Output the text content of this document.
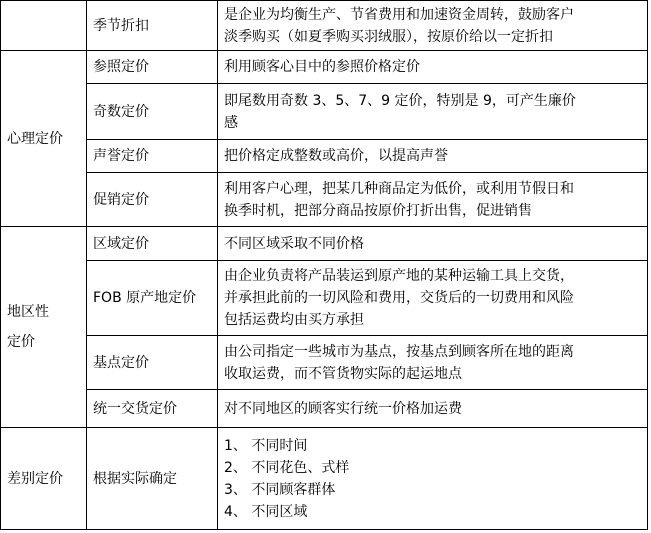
	季节折扣	是企业为均衡生产、节省费用和加速资金周转，鼓励客户
淡季购买（如夏季购买羽绒服），按原价给以一定折扣

心理定价	参照定价	利用顾客心目中的参照价格定价

	奇数定价	即尾数用奇数 3、5、7、9 定价，特别是 9，可产生廉价
感

	声誉定价	把价格定成整数或高价，以提高声誉

	促销定价	利用客户心理，把某几种商品定为低价，或利用节假日和
换季时机，把部分商品按原价打折出售，促进销售

地区性
定价	区域定价	不同区域采取不同价格

	FOB 原产地定价	由企业负责将产品装运到原产地的某种运输工具上交货，
并承担此前的一切风险和费用，交货后的一切费用和风险
包括运费均由买方承担

	基点定价	由公司指定一些城市为基点，按基点到顾客所在地的距离
收取运费，而不管货物实际的起运地点

	统一交货定价	对不同地区的顾客实行统一价格加运费

差别定价	根据实际确定	1、 不同时间
2、 不同花色、式样
3、 不同顾客群体
4、 不同区域
